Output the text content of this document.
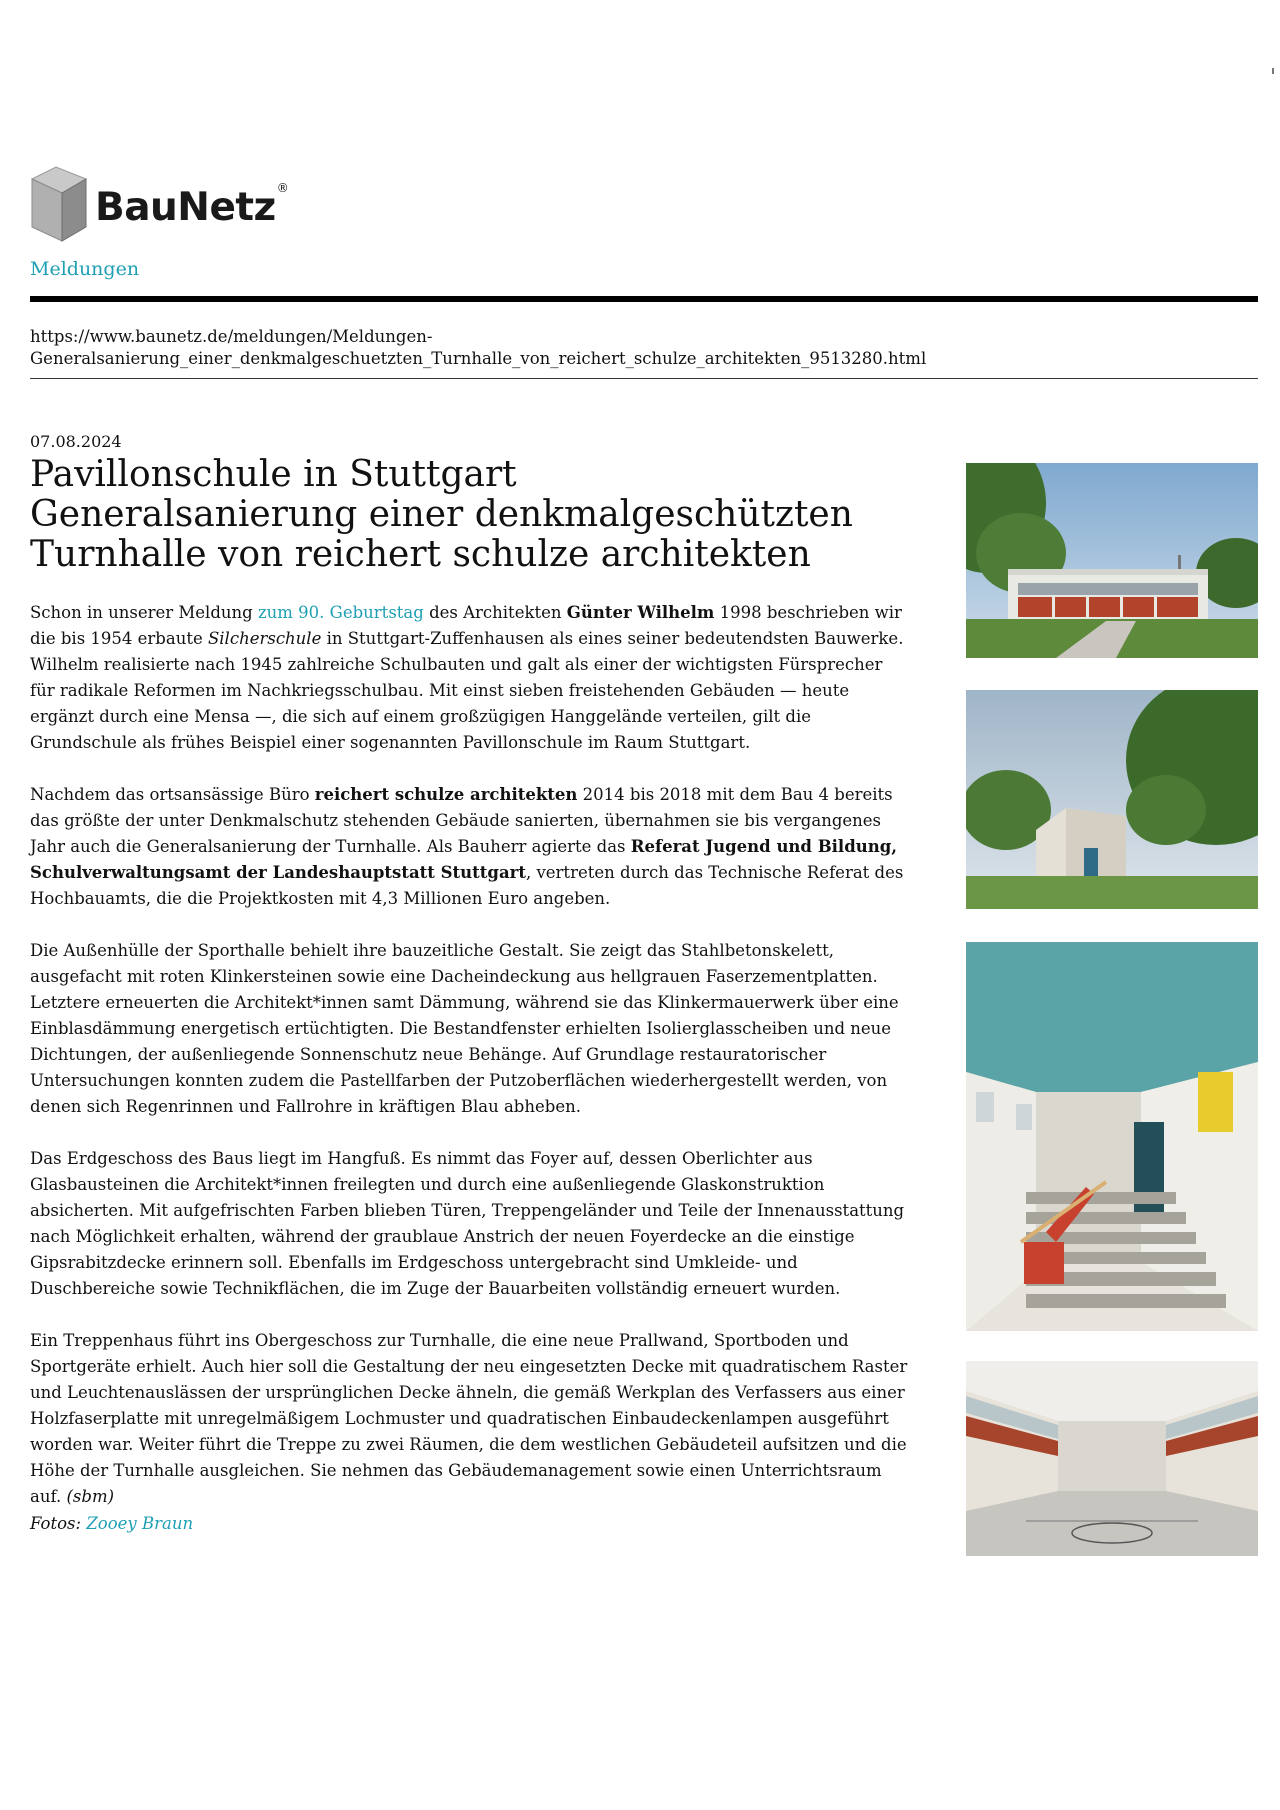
BauNetz®
Meldungen
https://www.baunetz.de/meldungen/Meldungen-
Generalsanierung_einer_denkmalgeschuetzten_Turnhalle_von_reichert_schulze_architekten_9513280.html
07.08.2024
Pavillonschule in Stuttgart
Generalsanierung einer denkmalgeschützten
Turnhalle von reichert schulze architekten

Schon in unserer Meldung zum 90. Geburtstag des Architekten Günter Wilhelm 1998 beschrieben wir die bis 1954 erbaute Silcherschule in Stuttgart-Zuffenhausen als eines seiner bedeutendsten Bauwerke. Wilhelm realisierte nach 1945 zahlreiche Schulbauten und galt als einer der wichtigsten Fürsprecher für radikale Reformen im Nachkriegsschulbau. Mit einst sieben freistehenden Gebäuden — heute ergänzt durch eine Mensa —, die sich auf einem großzügigen Hanggelände verteilen, gilt die Grundschule als frühes Beispiel einer sogenannten Pavillonschule im Raum Stuttgart.

Nachdem das ortsansässige Büro reichert schulze architekten 2014 bis 2018 mit dem Bau 4 bereits das größte der unter Denkmalschutz stehenden Gebäude sanierten, übernahmen sie bis vergangenes Jahr auch die Generalsanierung der Turnhalle. Als Bauherr agierte das Referat Jugend und Bildung, Schulverwaltungsamt der Landeshauptstatt Stuttgart, vertreten durch das Technische Referat des Hochbauamts, die die Projektkosten mit 4,3 Millionen Euro angeben.

Die Außenhülle der Sporthalle behielt ihre bauzeitliche Gestalt. Sie zeigt das Stahlbetonskelett, ausgefacht mit roten Klinkersteinen sowie eine Dacheindeckung aus hellgrauen Faserzementplatten. Letztere erneuerten die Architekt*innen samt Dämmung, während sie das Klinkermauerwerk über eine Einblasdämmung energetisch ertüchtigten. Die Bestandfenster erhielten Isolierglasscheiben und neue Dichtungen, der außenliegende Sonnenschutz neue Behänge. Auf Grundlage restauratorischer Untersuchungen konnten zudem die Pastellfarben der Putzoberflächen wiederhergestellt werden, von denen sich Regenrinnen und Fallrohre in kräftigen Blau abheben.

Das Erdgeschoss des Baus liegt im Hangfuß. Es nimmt das Foyer auf, dessen Oberlichter aus Glasbausteinen die Architekt*innen freilegten und durch eine außenliegende Glaskonstruktion absicherten. Mit aufgefrischten Farben blieben Türen, Treppengeländer und Teile der Innenausstattung nach Möglichkeit erhalten, während der graublaue Anstrich der neuen Foyerdecke an die einstige Gipsrabitzdecke erinnern soll. Ebenfalls im Erdgeschoss untergebracht sind Umkleide- und Duschbereiche sowie Technikflächen, die im Zuge der Bauarbeiten vollständig erneuert wurden.

Ein Treppenhaus führt ins Obergeschoss zur Turnhalle, die eine neue Prallwand, Sportboden und Sportgeräte erhielt. Auch hier soll die Gestaltung der neu eingesetzten Decke mit quadratischem Raster und Leuchtenauslässen der ursprünglichen Decke ähneln, die gemäß Werkplan des Verfassers aus einer Holzfaserplatte mit unregelmäßigem Lochmuster und quadratischen Einbaudeckenlampen ausgeführt worden war. Weiter führt die Treppe zu zwei Räumen, die dem westlichen Gebäudeteil aufsitzen und die Höhe der Turnhalle ausgleichen. Sie nehmen das Gebäudemanagement sowie einen Unterrichtsraum auf. (sbm)

Fotos: Zooey Braun
